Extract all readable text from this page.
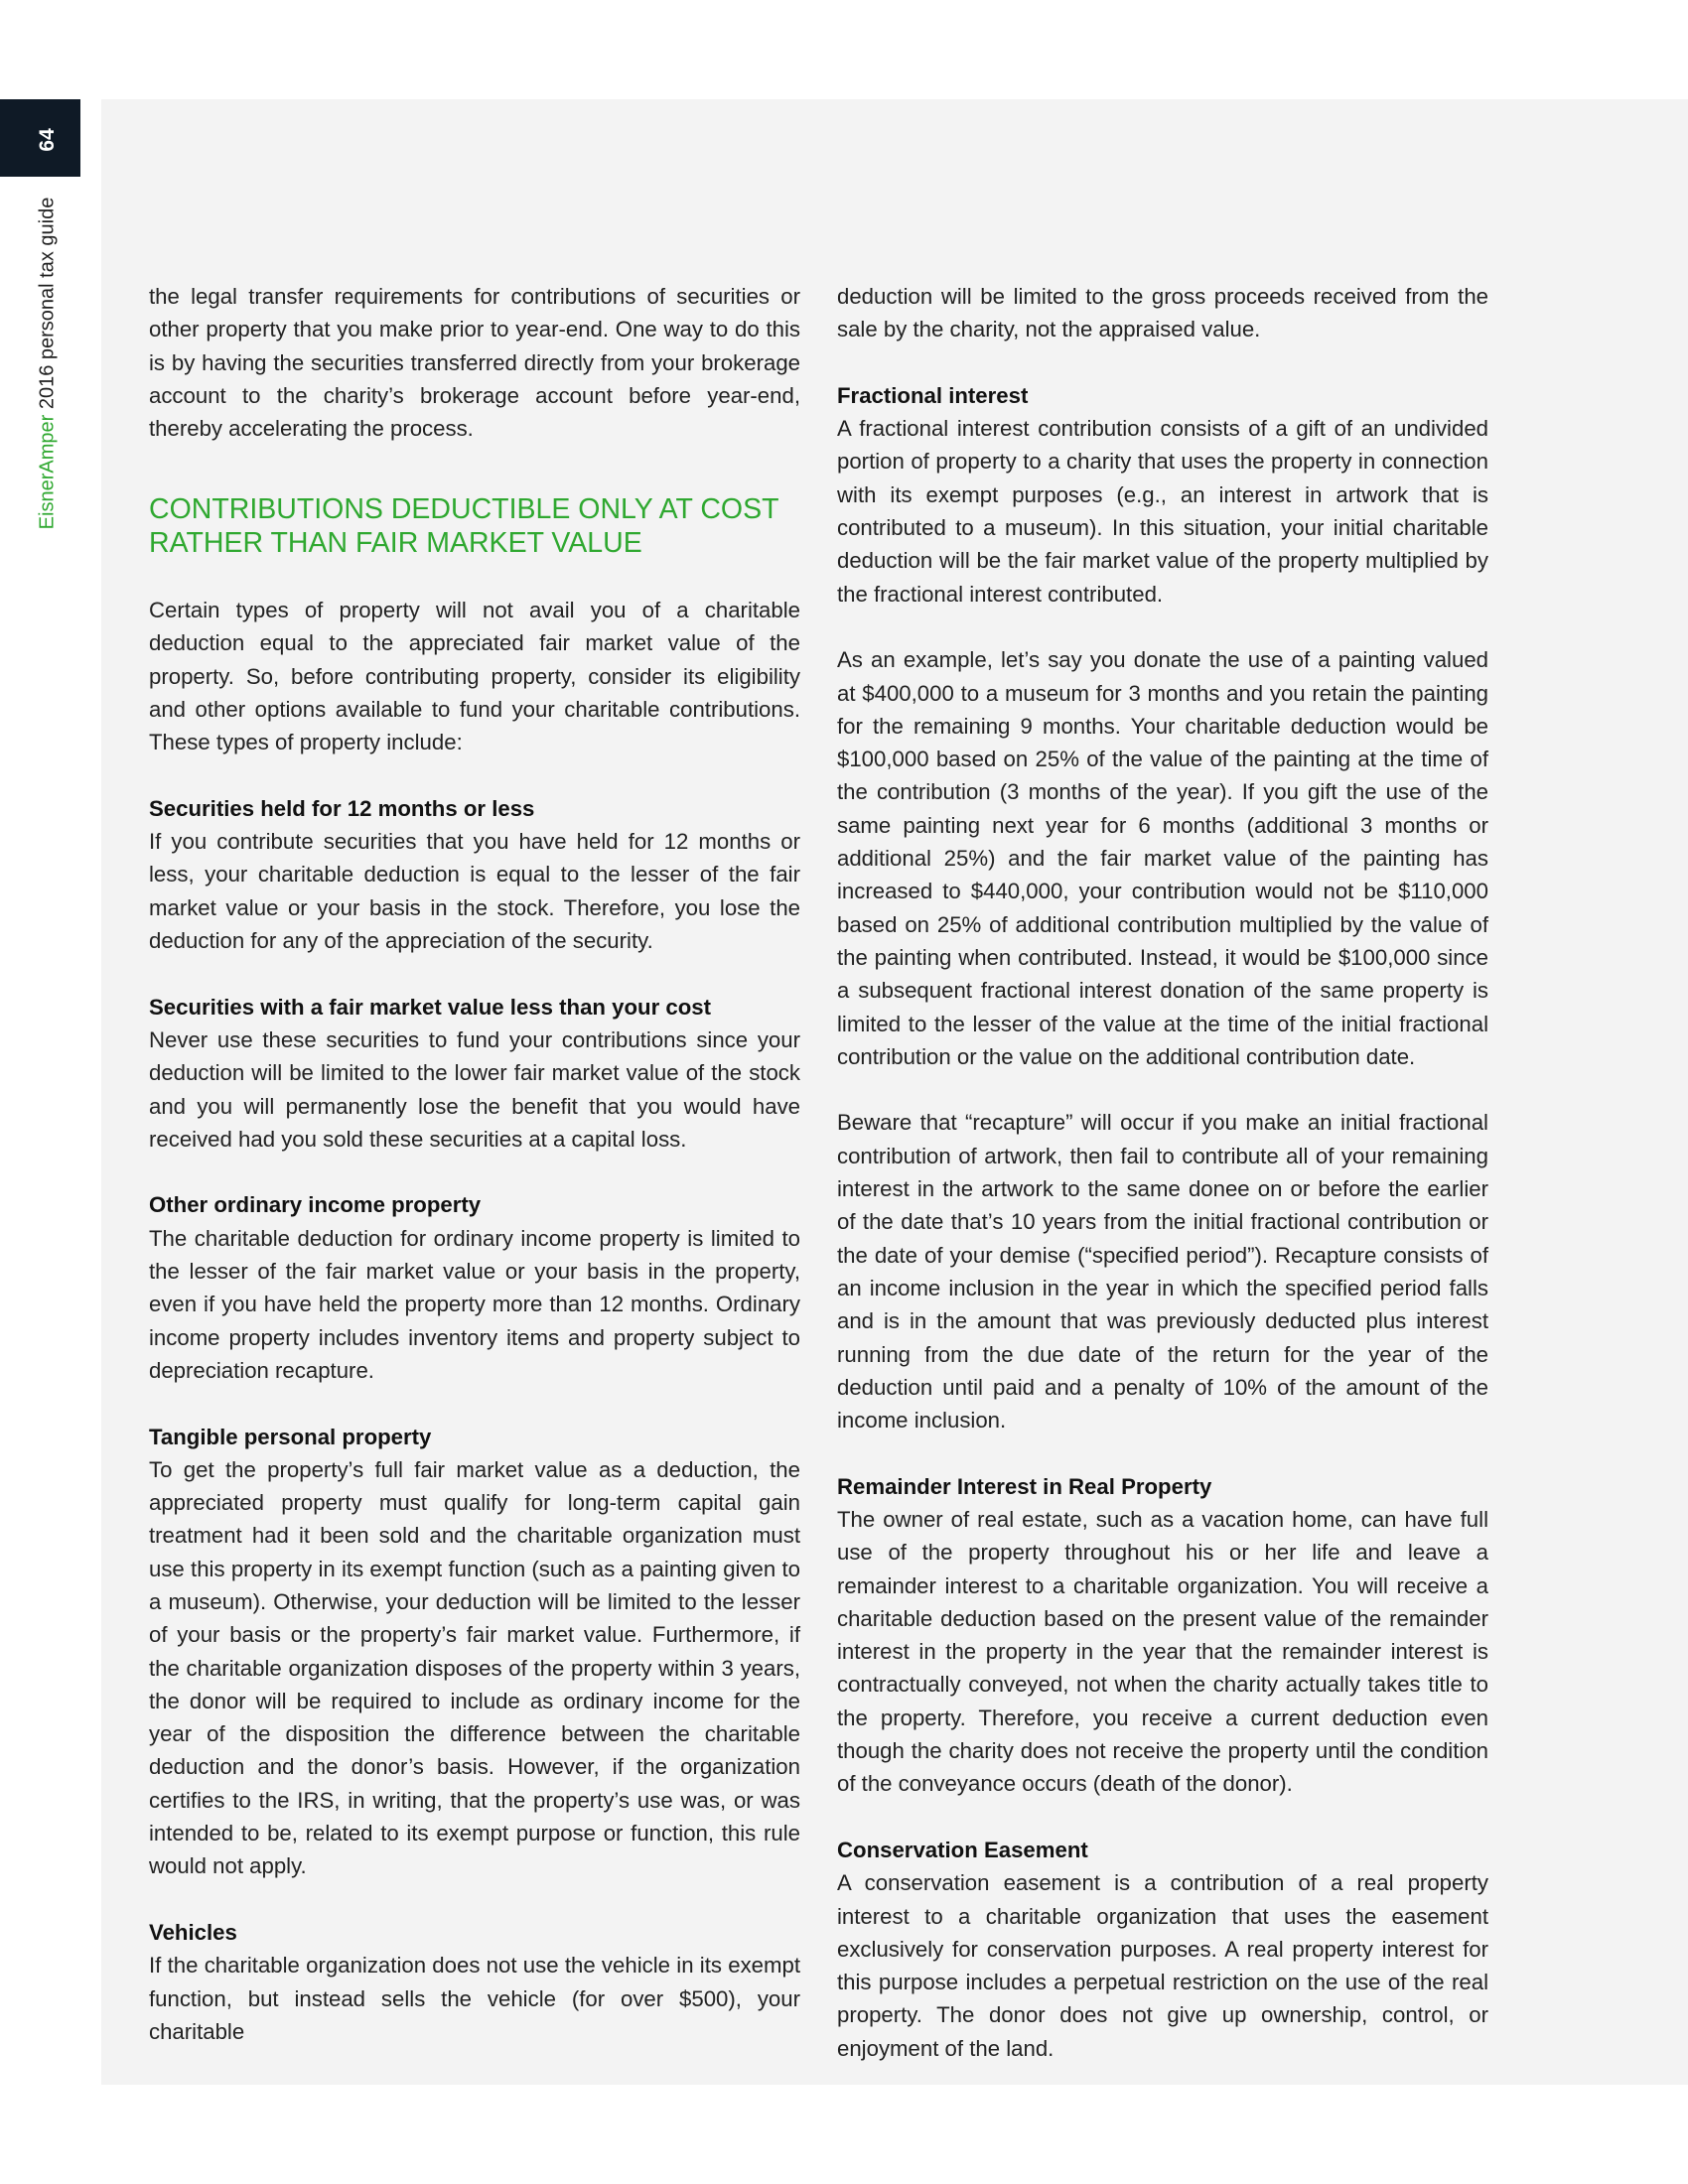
64
EisnerAmper 2016 personal tax guide	the legal transfer requirements for contributions of securities or other property that you make prior to year-end. One way to do this is by having the securities transferred directly from your brokerage account to the charity’s brokerage account before year-end, thereby accelerating the process.

CONTRIBUTIONS DEDUCTIBLE ONLY AT COST
RATHER THAN FAIR MARKET VALUE

Certain types of property will not avail you of a charitable deduction equal to the appreciated fair market value of the property. So, before contributing property, consider its eligibility and other options available to fund your charitable contributions. These types of property include:

Securities held for 12 months or less

If you contribute securities that you have held for 12 months or less, your charitable deduction is equal to the lesser of the fair market value or your basis in the stock. Therefore, you lose the deduction for any of the appreciation of the security.

Securities with a fair market value less than your cost

Never use these securities to fund your contributions since your deduction will be limited to the lower fair market value of the stock and you will permanently lose the benefit that you would have received had you sold these securities at a capital loss.

Other ordinary income property

The charitable deduction for ordinary income property is limited to the lesser of the fair market value or your basis in the property, even if you have held the property more than 12 months. Ordinary income property includes inventory items and property subject to depreciation recapture.

Tangible personal property

To get the property’s full fair market value as a deduction, the appreciated property must qualify for long-term capital gain treatment had it been sold and the charitable organization must use this property in its exempt function (such as a painting given to a museum). Otherwise, your deduction will be limited to the lesser of your basis or the property’s fair market value. Furthermore, if the charitable organization disposes of the property within 3 years, the donor will be required to include as ordinary income for the year of the disposition the difference between the charitable deduction and the donor’s basis. However, if the organization certifies to the IRS, in writing, that the property’s use was, or was intended to be, related to its exempt purpose or function, this rule would not apply.

Vehicles

If the charitable organization does not use the vehicle in its exempt function, but instead sells the vehicle (for over $500), your charitable

deduction will be limited to the gross proceeds received from the sale by the charity, not the appraised value.

Fractional interest

A fractional interest contribution consists of a gift of an undivided portion of property to a charity that uses the property in connection with its exempt purposes (e.g., an interest in artwork that is contributed to a museum). In this situation, your initial charitable deduction will be the fair market value of the property multiplied by the fractional interest contributed.

As an example, let’s say you donate the use of a painting valued at $400,000 to a museum for 3 months and you retain the painting for the remaining 9 months. Your charitable deduction would be $100,000 based on 25% of the value of the painting at the time of the contribution (3 months of the year). If you gift the use of the same painting next year for 6 months (additional 3 months or additional 25%) and the fair market value of the painting has increased to $440,000, your contribution would not be $110,000 based on 25% of additional contribution multiplied by the value of the painting when contributed. Instead, it would be $100,000 since a subsequent fractional interest donation of the same property is limited to the lesser of the value at the time of the initial fractional contribution or the value on the additional contribution date.

Beware that “recapture” will occur if you make an initial fractional contribution of artwork, then fail to contribute all of your remaining interest in the artwork to the same donee on or before the earlier of the date that’s 10 years from the initial fractional contribution or the date of your demise (“specified period”). Recapture consists of an income inclusion in the year in which the specified period falls and is in the amount that was previously deducted plus interest running from the due date of the return for the year of the deduction until paid and a penalty of 10% of the amount of the income inclusion.

Remainder Interest in Real Property

The owner of real estate, such as a vacation home, can have full use of the property throughout his or her life and leave a remainder interest to a charitable organization. You will receive a charitable deduction based on the present value of the remainder interest in the property in the year that the remainder interest is contractually conveyed, not when the charity actually takes title to the property. Therefore, you receive a current deduction even though the charity does not receive the property until the condition of the conveyance occurs (death of the donor).

Conservation Easement

A conservation easement is a contribution of a real property interest to a charitable organization that uses the easement exclusively for conservation purposes. A real property interest for this purpose includes a perpetual restriction on the use of the real property. The donor does not give up ownership, control, or enjoyment of the land.
